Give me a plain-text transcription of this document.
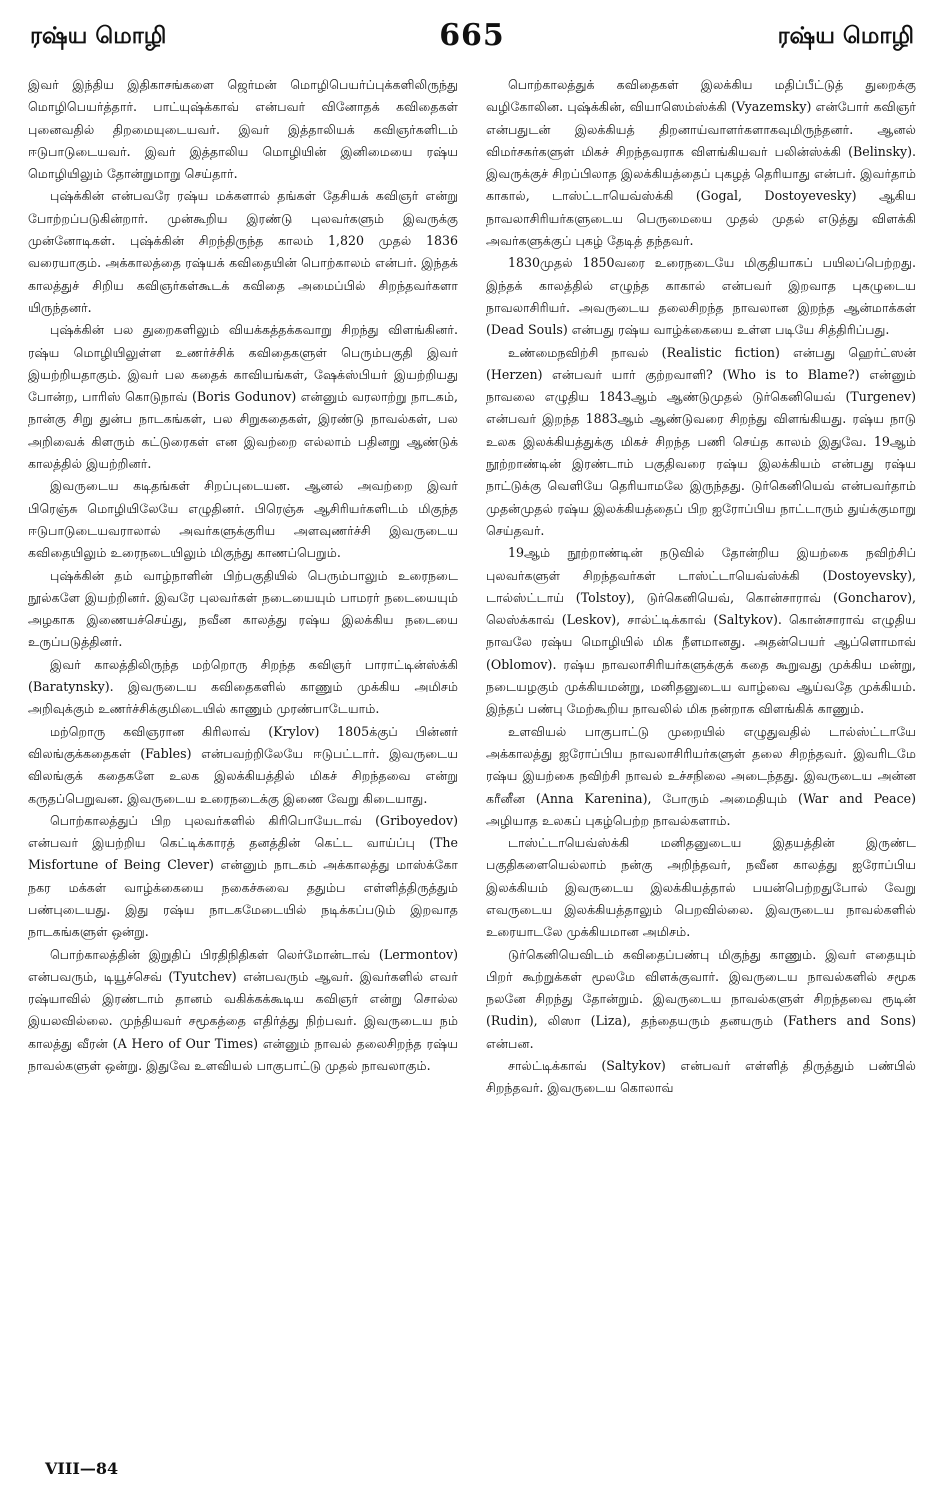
ரஷ்ய மொழி	665	ரஷ்ய மொழி

இவர் இந்திய இதிகாசங்களை ஜெர்மன் மொழிபெயர்ப்புக்களிலிருந்து மொழிபெயர்த்தார். பாட்யுஷ்க்காவ் என்பவர் வினோதக் கவிதைகள் புனைவதில் திறமையுடையவர். இவர் இத்தாலியக் கவிஞர்களிடம் ஈடுபாடுடையவர். இவர் இத்தாலிய மொழியின் இனிமையை ரஷ்ய மொழியிலும் தோன்றுமாறு செய்தார்.

புஷ்க்கின் என்பவரே ரஷ்ய மக்களால் தங்கள் தேசியக் கவிஞர் என்று போற்றப்படுகின்றார். முன்கூறிய இரண்டு புலவர்களும் இவருக்கு முன்னோடிகள். புஷ்க்கின் சிறந்திருந்த காலம் 1,820 முதல் 1836 வரையாகும். அக்காலத்தை ரஷ்யக் கவிதையின் பொற்காலம் என்பர். இந்தக் காலத்துச் சிறிய கவிஞர்கள்கூடக் கவிதை அமைப்பில் சிறந்தவர்களா யிருந்தனர்.

புஷ்க்கின் பல துறைகளிலும் வியக்கத்தக்கவாறு சிறந்து விளங்கினர். ரஷ்ய மொழியிலுள்ள உணர்ச்சிக் கவிதைகளுள் பெரும்பகுதி இவர் இயற்றியதாகும். இவர் பல கதைக் காவியங்கள், ஷேக்ஸ்பியர் இயற்றியது போன்ற, பாரிஸ் கொடுநாவ் (Boris Godunov) என்னும் வரலாற்று நாடகம், நான்கு சிறு துன்ப நாடகங்கள், பல சிறுகதைகள், இரண்டு நாவல்கள், பல அறிவைக் கிளரும் கட்டுரைகள் என இவற்றை எல்லாம் பதினறு ஆண்டுக் காலத்தில் இயற்றினர்.

இவருடைய கடிதங்கள் சிறப்புடையன. ஆனல் அவற்றை இவர் பிரெஞ்சு மொழியிலேயே எழுதினர். பிரெஞ்சு ஆசிரியர்களிடம் மிகுந்த ஈடுபாடுடையவராலால் அவர்களுக்குரிய அளவுணர்ச்சி இவருடைய கவிதையிலும் உரைநடையிலும் மிகுந்து காணப்பெறும்.

புஷ்க்கின் தம் வாழ்நாளின் பிற்பகுதியில் பெரும்பாலும் உரைநடை நூல்களே இயற்றினர். இவரே புலவர்கள் நடையையும் பாமரர் நடையையும் அழகாக இணையச்செய்து, நவீன காலத்து ரஷ்ய இலக்கிய நடையை உருப்படுத்தினர்.

இவர் காலத்திலிருந்த மற்றொரு சிறந்த கவிஞர் பாராட்டின்ஸ்க்கி (Baratynsky). இவருடைய கவிதைகளில் காணும் முக்கிய அமிசம் அறிவுக்கும் உணர்ச்சிக்குமிடையில் காணும் முரண்பாடேயாம்.

மற்றொரு கவிஞரான கிரிலாவ் (Krylov) 1805க்குப் பின்னர் விலங்குக்கதைகள் (Fables) என்பவற்றிலேயே ஈடுபட்டார். இவருடைய விலங்குக் கதைகளே உலக இலக்கியத்தில் மிகச் சிறந்தவை என்று கருதப்பெறுவன. இவருடைய உரைநடைக்கு இணை வேறு கிடையாது.

பொற்காலத்துப் பிற புலவர்களில் கிரிபொயேடாவ் (Griboyedov) என்பவர் இயற்றிய கெட்டிக்காரத் தனத்தின் கெட்ட வாய்ப்பு (The Misfortune of Being Clever) என்னும் நாடகம் அக்காலத்து மாஸ்க்கோ நகர மக்கள் வாழ்க்கையை நகைச்சுவை ததும்ப எள்ளித்திருத்தும் பண்புடையது. இது ரஷ்ய நாடகமேடையில் நடிக்கப்படும் இறவாத நாடகங்களுள் ஒன்று.

பொற்காலத்தின் இறுதிப் பிரதிநிதிகள் லெர்மோன்டாவ் (Lermontov) என்பவரும், டியூச்செவ் (Tyutchev) என்பவரும் ஆவர். இவர்களில் எவர் ரஷ்யாவில் இரண்டாம் தானம் வகிக்கக்கூடிய கவிஞர் என்று சொல்ல இயலவில்லை. முந்தியவர் சமூகத்தை எதிர்த்து நிற்பவர். இவருடைய நம் காலத்து வீரன் (A Hero of Our Times) என்னும் நாவல் தலைசிறந்த ரஷ்ய நாவல்களுள் ஒன்று. இதுவே உளவியல் பாகுபாட்டு முதல் நாவலாகும்.

பொற்காலத்துக் கவிதைகள் இலக்கிய மதிப்பீட்டுத் துறைக்கு வழிகோலின. புஷ்க்கின், வியாஸெம்ஸ்க்கி (Vyazemsky) என்போர் கவிஞர் என்பதுடன் இலக்கியத் திறனாய்வாளர்களாகவுமிருந்தனர். ஆனல் விமர்சகர்களுள் மிகச் சிறந்தவராக விளங்கியவர் பலின்ஸ்க்கி (Belinsky). இவருக்குச் சிறப்பிலாத இலக்கியத்தைப் புகழத் தெரியாது என்பர். இவர்தாம் காகால், டாஸ்ட்டாயெவ்ஸ்க்கி (Gogal, Dostoyevesky) ஆகிய நாவலாசிரியர்களுடைய பெருமையை முதல் முதல் எடுத்து விளக்கி அவர்களுக்குப் புகழ் தேடித் தந்தவர்.

1830முதல் 1850வரை உரைநடையே மிகுதியாகப் பயிலப்பெற்றது. இந்தக் காலத்தில் எழுந்த காகால் என்பவர் இறவாத புகழுடைய நாவலாசிரியர். அவருடைய தலைசிறந்த நாவலான இறந்த ஆன்மாக்கள் (Dead Souls) என்பது ரஷ்ய வாழ்க்கையை உள்ள படியே சித்திரிப்பது.

உண்மைநவிற்சி நாவல் (Realistic fiction) என்பது ஹெர்ட்ஸன் (Herzen) என்பவர் யார் குற்றவாளி? (Who is to Blame?) என்னும் நாவலை எழுதிய 1843ஆம் ஆண்டுமுதல் டுர்கெனியெவ் (Turgenev) என்பவர் இறந்த 1883ஆம் ஆண்டுவரை சிறந்து விளங்கியது. ரஷ்ய நாடு உலக இலக்கியத்துக்கு மிகச் சிறந்த பணி செய்த காலம் இதுவே. 19ஆம் நூற்றாண்டின் இரண்டாம் பகுதிவரை ரஷ்ய இலக்கியம் என்பது ரஷ்ய நாட்டுக்கு வெளியே தெரியாமலே இருந்தது. டுர்கெனியெவ் என்பவர்தாம் முதன்முதல் ரஷ்ய இலக்கியத்தைப் பிற ஐரோப்பிய நாட்டாரும் துய்க்குமாறு செய்தவர்.

19ஆம் நூற்றாண்டின் நடுவில் தோன்றிய இயற்கை நவிற்சிப் புலவர்களுள் சிறந்தவர்கள் டாஸ்ட்டாயெவ்ஸ்க்கி (Dostoyevsky), டால்ஸ்ட்டாய் (Tolstoy), டுர்கெனியெவ், கொன்சாராவ் (Goncharov), லெஸ்க்காவ் (Leskov), சால்ட்டிக்காவ் (Saltykov). கொன்சாராவ் எழுதிய நாவலே ரஷ்ய மொழியில் மிக நீளமானது. அதன்பெயர் ஆப்ளொமாவ் (Oblomov). ரஷ்ய நாவலாசிரியர்களுக்குக் கதை கூறுவது முக்கிய மன்று, நடையழகும் முக்கியமன்று, மனிதனுடைய வாழ்வை ஆய்வதே முக்கியம். இந்தப் பண்பு மேற்கூறிய நாவலில் மிக நன்றாக விளங்கிக் காணும்.

உளவியல் பாகுபாட்டு முறையில் எழுதுவதில் டால்ஸ்ட்டாயே அக்காலத்து ஐரோப்பிய நாவலாசிரியர்களுள் தலை சிறந்தவர். இவரிடமே ரஷ்ய இயற்கை நவிற்சி நாவல் உச்சநிலை அடைந்தது. இவருடைய அன்ன கரீனீன (Anna Karenina), போரும் அமைதியும் (War and Peace) அழியாத உலகப் புகழ்பெற்ற நாவல்களாம்.

டாஸ்ட்டாயெவ்ஸ்க்கி மனிதனுடைய இதயத்தின் இருண்ட பகுதிகளையெல்லாம் நன்கு அறிந்தவர், நவீன காலத்து ஐரோப்பிய இலக்கியம் இவருடைய இலக்கியத்தால் பயன்பெற்றதுபோல் வேறு எவருடைய இலக்கியத்தாலும் பெறவில்லை. இவருடைய நாவல்களில் உரையாடலே முக்கியமான அமிசம்.

டுர்கெனியெவிடம் கவிதைப்பண்பு மிகுந்து காணும். இவர் எதையும் பிறர் கூற்றுக்கள் மூலமே விளக்குவார். இவருடைய நாவல்களில் சமூக நலனே சிறந்து தோன்றும். இவருடைய நாவல்களுள் சிறந்தவை ரூடின் (Rudin), லிஸா (Liza), தந்தையரும் தனயரும் (Fathers and Sons) என்பன.

சால்ட்டிக்காவ் (Saltykov) என்பவர் எள்ளித் திருத்தும் பண்பில் சிறந்தவர். இவருடைய கொலாவ்

VIII—84
